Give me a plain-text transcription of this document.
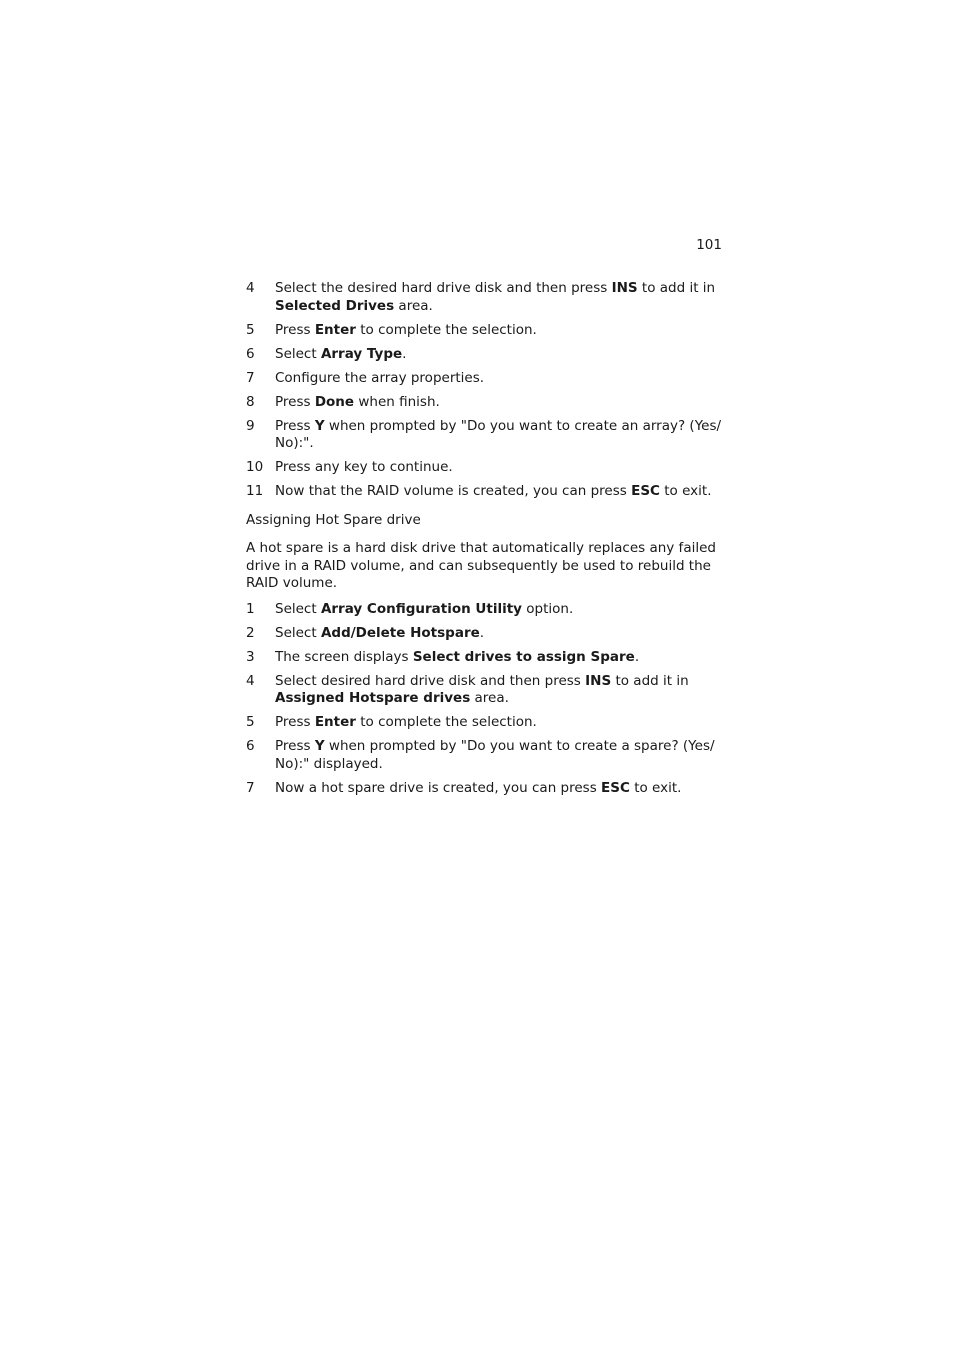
101
4	Select the desired hard drive disk and then press INS to add it in Selected Drives area.
5	Press Enter to complete the selection.
6	Select Array Type.
7	Configure the array properties.
8	Press Done when finish.
9	Press Y when prompted by "Do you want to create an array? (Yes/ No):".
10 Press any key to continue.
11 Now that the RAID volume is created, you can press ESC to exit.
Assigning Hot Spare drive
A hot spare is a hard disk drive that automatically replaces any failed drive in a RAID volume, and can subsequently be used to rebuild the RAID volume.
1	Select Array Configuration Utility option.
2	Select Add/Delete Hotspare.
3	The screen displays Select drives to assign Spare.
4	Select desired hard drive disk and then press INS to add it in Assigned Hotspare drives area.
5	Press Enter to complete the selection.
6	Press Y when prompted by "Do you want to create a spare? (Yes/ No):" displayed.
7	Now a hot spare drive is created, you can press ESC to exit.
